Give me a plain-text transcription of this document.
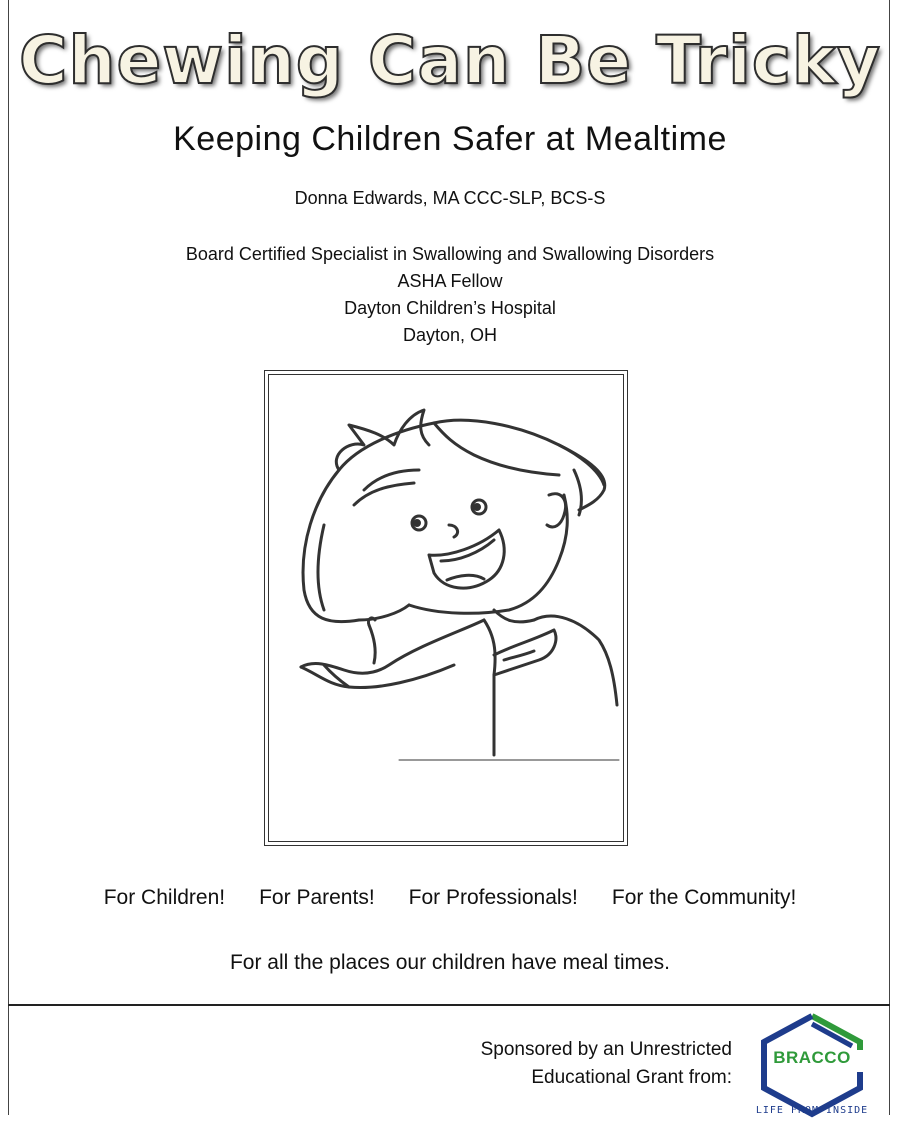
Chewing Can Be Tricky
Keeping Children Safer at Mealtime
Donna Edwards, MA CCC-SLP, BCS-S
Board Certified Specialist in Swallowing and Swallowing Disorders
ASHA Fellow
Dayton Children’s Hospital
Dayton, OH
For Children! For Parents! For Professionals! For the Community!
For all the places our children have meal times.
Sponsored by an Unrestricted
Educational Grant from:
BRACCO
LIFE FROM INSIDE
